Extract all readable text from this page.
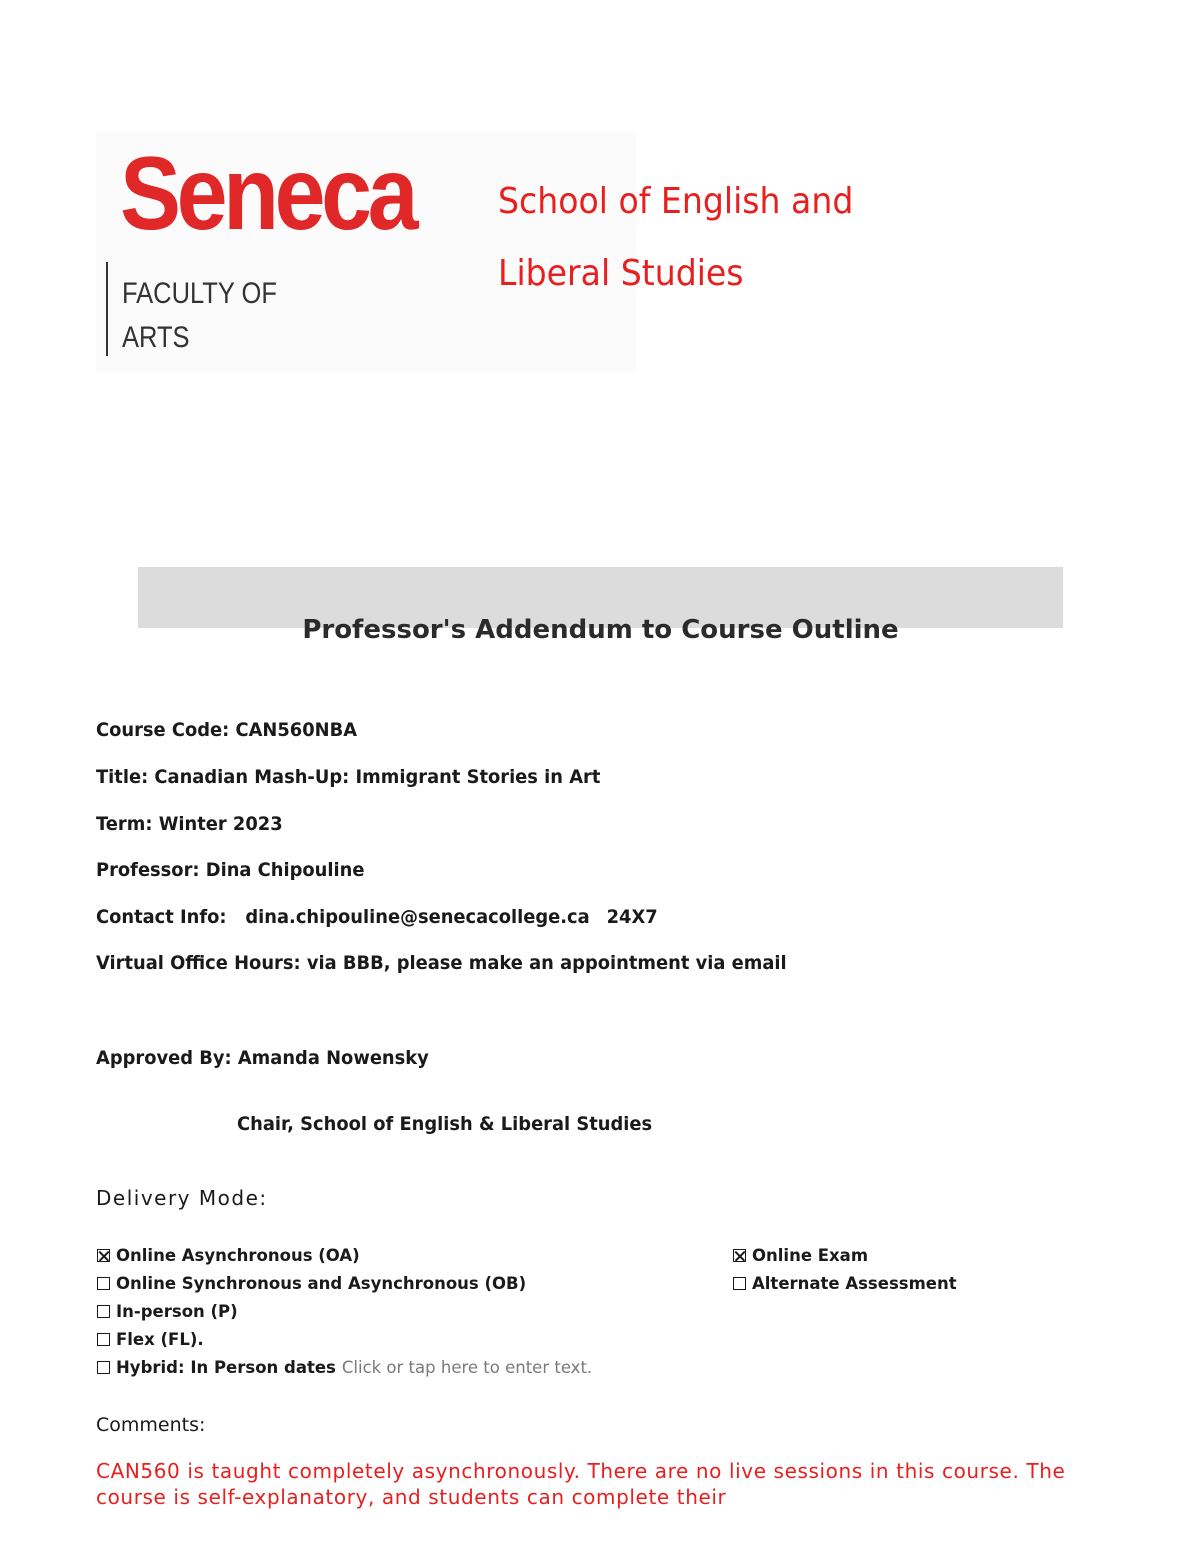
Seneca
FACULTY OF
ARTS
School of English and
Liberal Studies
Professor's Addendum to Course Outline
Course Code: CAN560NBA
Title: Canadian Mash-Up: Immigrant Stories in Art
Term: Winter 2023
Professor: Dina Chipouline
Contact Info: dina.chipouline@senecacollege.ca 24X7
Virtual Office Hours: via BBB, please make an appointment via email
Approved By: Amanda Nowensky
Chair, School of English & Liberal Studies
Delivery Mode:
Online Asynchronous (OA)
Online Synchronous and Asynchronous (OB)
In-person (P)
Flex (FL).
Hybrid: In Person dates Click or tap here to enter text.
Online Exam
Alternate Assessment
Comments:
CAN560 is taught completely asynchronously. There are no live sessions in this course. The course is self-explanatory, and students can complete their
